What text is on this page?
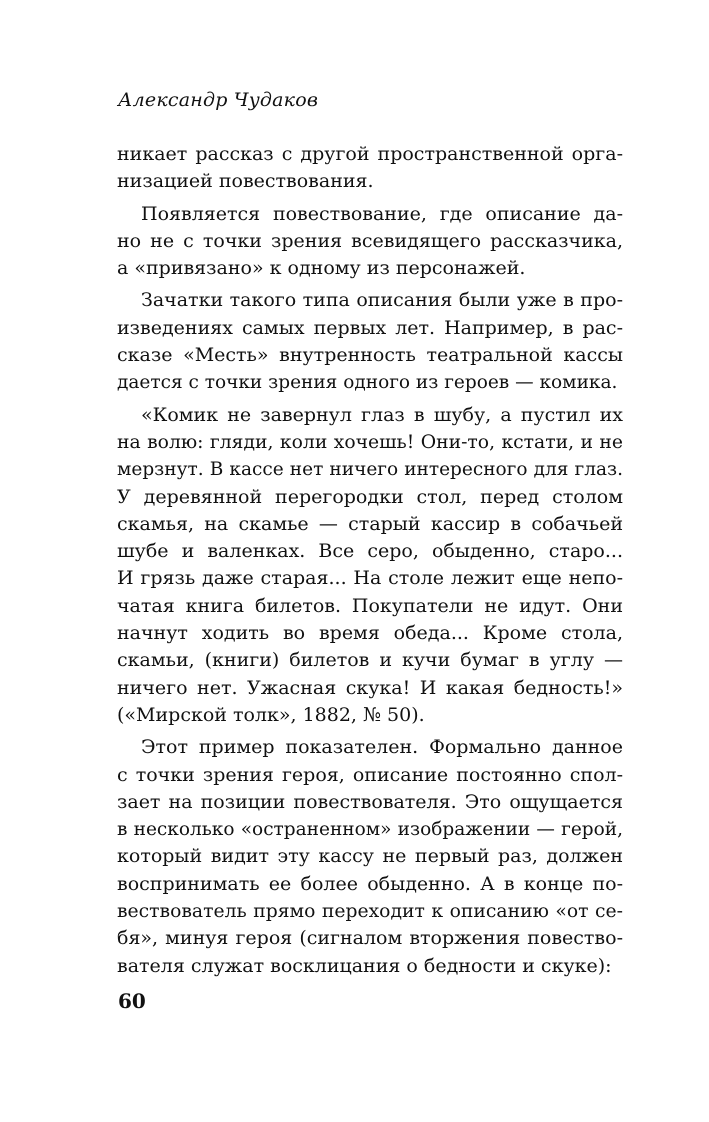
Александр Чудаков
никает рассказ с другой пространственной орга-
низацией повествования.
Появляется повествование, где описание да-
но не с точки зрения всевидящего рассказчика,
а «привязано» к одному из персонажей.
Зачатки такого типа описания были уже в про-
изведениях самых первых лет. Например, в рас-
сказе «Месть» внутренность театральной кассы
дается с точки зрения одного из героев — комика.
«Комик не завернул глаз в шубу, а пустил их
на волю: гляди, коли хочешь! Они-то, кстати, и не
мерзнут. В кассе нет ничего интересного для глаз.
У деревянной перегородки стол, перед столом
скамья, на скамье — старый кассир в собачьей
шубе и валенках. Все серо, обыденно, старо...
И грязь даже старая... На столе лежит еще непо-
чатая книга билетов. Покупатели не идут. Они
начнут ходить во время обеда... Кроме стола,
скамьи, (книги) билетов и кучи бумаг в углу —
ничего нет. Ужасная скука! И какая бедность!»
(«Мирской толк», 1882, № 50).
Этот пример показателен. Формально данное
с точки зрения героя, описание постоянно спол-
зает на позиции повествователя. Это ощущается
в несколько «остраненном» изображении — герой,
который видит эту кассу не первый раз, должен
воспринимать ее более обыденно. А в конце по-
вествователь прямо переходит к описанию «от се-
бя», минуя героя (сигналом вторжения повество-
вателя служат восклицания о бедности и скуке):
60
